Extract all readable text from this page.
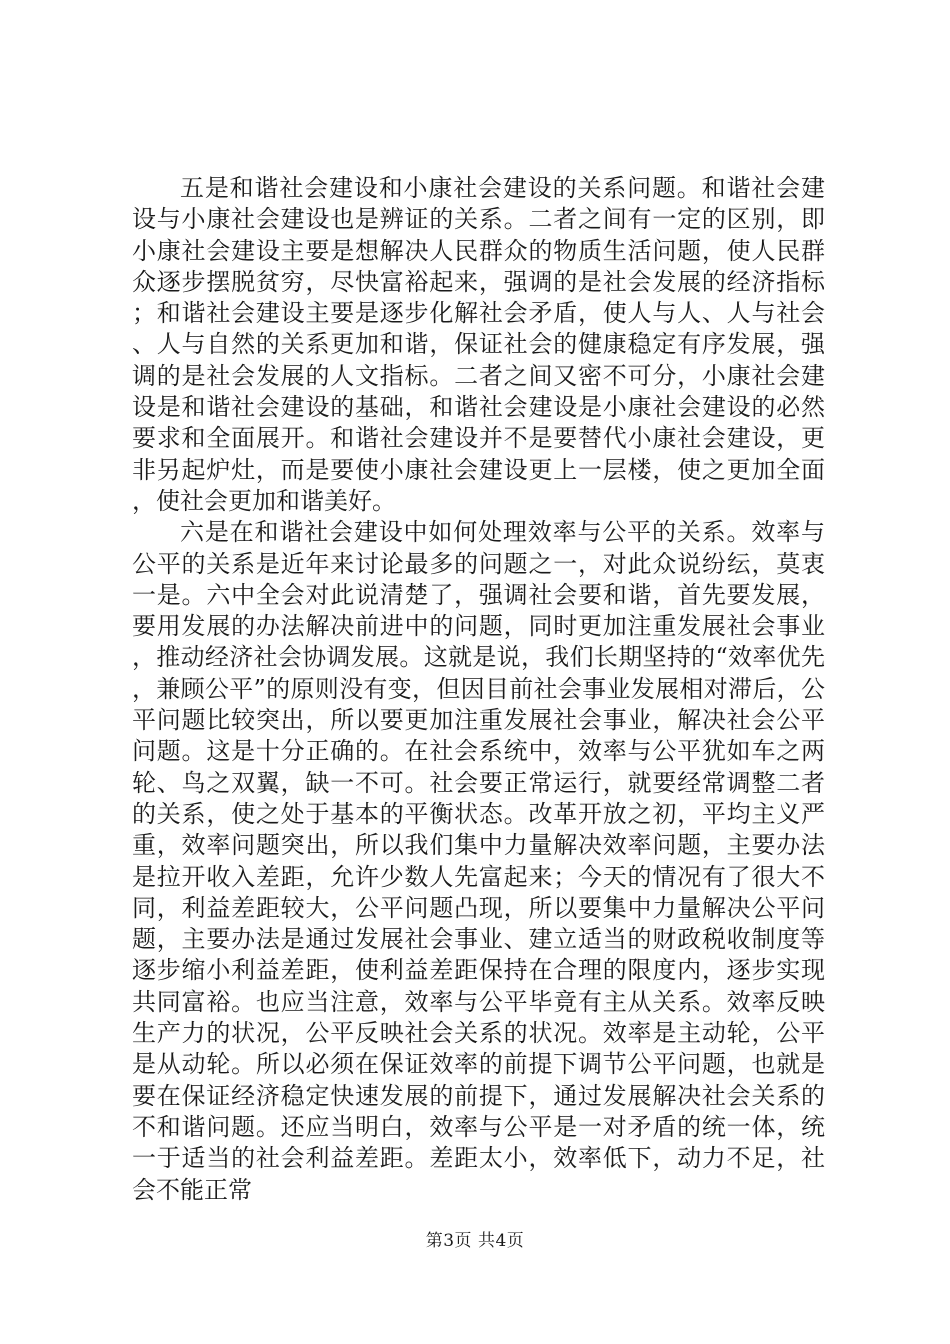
五是和谐社会建设和小康社会建设的关系问题。和谐社会建设与小康社会建设也是辨证的关系。二者之间有一定的区别，即小康社会建设主要是想解决人民群众的物质生活问题，使人民群众逐步摆脱贫穷，尽快富裕起来，强调的是社会发展的经济指标；和谐社会建设主要是逐步化解社会矛盾，使人与人、人与社会、人与自然的关系更加和谐，保证社会的健康稳定有序发展，强调的是社会发展的人文指标。二者之间又密不可分，小康社会建设是和谐社会建设的基础，和谐社会建设是小康社会建设的必然要求和全面展开。和谐社会建设并不是要替代小康社会建设，更非另起炉灶，而是要使小康社会建设更上一层楼，使之更加全面，使社会更加和谐美好。

六是在和谐社会建设中如何处理效率与公平的关系。效率与公平的关系是近年来讨论最多的问题之一，对此众说纷纭，莫衷一是。六中全会对此说清楚了，强调社会要和谐，首先要发展，要用发展的办法解决前进中的问题，同时更加注重发展社会事业，推动经济社会协调发展。这就是说，我们长期坚持的“效率优先，兼顾公平”的原则没有变，但因目前社会事业发展相对滞后，公平问题比较突出，所以要更加注重发展社会事业，解决社会公平问题。这是十分正确的。在社会系统中，效率与公平犹如车之两轮、鸟之双翼，缺一不可。社会要正常运行，就要经常调整二者的关系，使之处于基本的平衡状态。改革开放之初，平均主义严重，效率问题突出，所以我们集中力量解决效率问题，主要办法是拉开收入差距，允许少数人先富起来；今天的情况有了很大不同，利益差距较大，公平问题凸现，所以要集中力量解决公平问题，主要办法是通过发展社会事业、建立适当的财政税收制度等逐步缩小利益差距，使利益差距保持在合理的限度内，逐步实现共同富裕。也应当注意，效率与公平毕竟有主从关系。效率反映生产力的状况，公平反映社会关系的状况。效率是主动轮，公平是从动轮。所以必须在保证效率的前提下调节公平问题，也就是要在保证经济稳定快速发展的前提下，通过发展解决社会关系的不和谐问题。还应当明白，效率与公平是一对矛盾的统一体，统一于适当的社会利益差距。差距太小，效率低下，动力不足，社会不能正常

第3页 共4页
